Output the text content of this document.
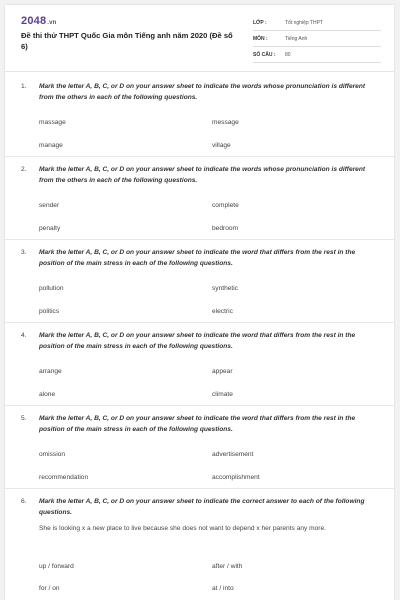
2048.vn
Đề thi thử THPT Quốc Gia môn Tiếng anh năm 2020 (Đề số 6)
LỚP :	Tốt nghiệp THPT
MÔN :	Tiếng Anh
SỐ CÂU :	80
1. Mark the letter A, B, C, or D on your answer sheet to indicate the words whose pronunciation is different from the others in each of the following questions.
massage	message
manage	village
2. Mark the letter A, B, C, or D on your answer sheet to indicate the words whose pronunciation is different from the others in each of the following questions.
sender	complete
penalty	bedroom
3. Mark the letter A, B, C, or D on your answer sheet to indicate the word that differs from the rest in the position of the main stress in each of the following questions.
pollution	synthetic
politics	electric
4. Mark the letter A, B, C, or D on your answer sheet to indicate the word that differs from the rest in the position of the main stress in each of the following questions.
arrange	appear
alone	climate
5. Mark the letter A, B, C, or D on your answer sheet to indicate the word that differs from the rest in the position of the main stress in each of the following questions.
omission	advertisement
recommendation	accomplishment
6. Mark the letter A, B, C, or D on your answer sheet to indicate the correct answer to each of the following questions.
She is looking x a new place to live because she does not want to depend x her parents any more.
up / forward	after / with
for / on	at / into
